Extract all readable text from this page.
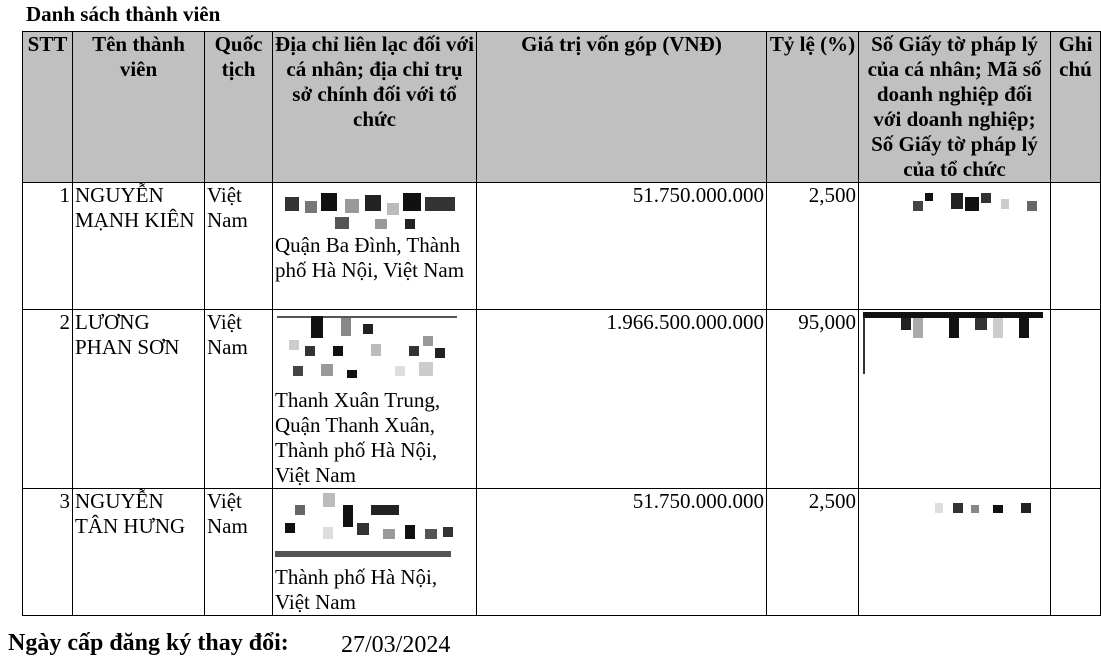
Danh sách thành viên
STT	Tên thành viên	Quốc tịch	Địa chỉ liên lạc đối với cá nhân; địa chỉ trụ sở chính đối với tổ chức	Giá trị vốn góp (VNĐ)	Tỷ lệ (%)	Số Giấy tờ pháp lý của cá nhân; Mã số doanh nghiệp đối với doanh nghiệp; Số Giấy tờ pháp lý của tổ chức	Ghi chú
1	NGUYỄN MẠNH KIÊN	Việt Nam	Quận Ba Đình, Thành phố Hà Nội, Việt Nam	51.750.000.000	2,500	

2	LƯƠNG PHAN SƠN	Việt Nam	Thanh Xuân Trung, Quận Thanh Xuân, Thành phố Hà Nội, Việt Nam	1.966.500.000.000	95,000	

3	NGUYỄN TÂN HƯNG	Việt Nam	Thành phố Hà Nội, Việt Nam	51.750.000.000	2,500	

Ngày cấp đăng ký thay đổi: 27/03/2024
